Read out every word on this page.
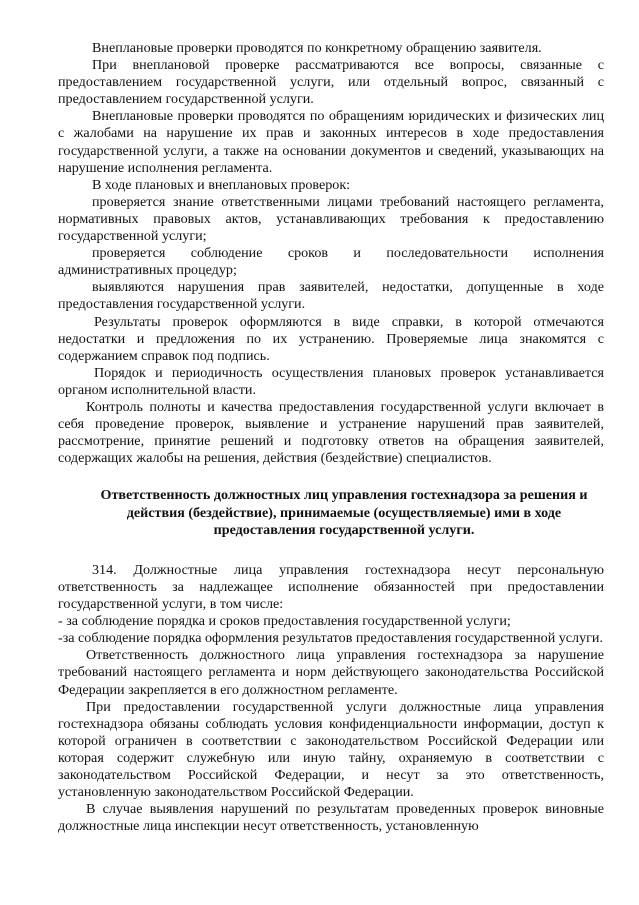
Внеплановые проверки проводятся по конкретному обращению заявителя.

При внеплановой проверке рассматриваются все вопросы, связанные с предоставлением государственной услуги, или отдельный вопрос, связанный с предоставлением государственной услуги.

Внеплановые проверки проводятся по обращениям юридических и физических лиц с жалобами на нарушение их прав и законных интересов в ходе предоставления государственной услуги, а также на основании документов и сведений, указывающих на нарушение исполнения регламента.

В ходе плановых и внеплановых проверок:

проверяется знание ответственными лицами требований настоящего регламента, нормативных правовых актов, устанавливающих требования к предоставлению государственной услуги;

проверяется соблюдение сроков и последовательности исполнения административных процедур;

выявляются нарушения прав заявителей, недостатки, допущенные в ходе предоставления государственной услуги.

Результаты проверок оформляются в виде справки, в которой отмечаются недостатки и предложения по их устранению. Проверяемые лица знакомятся с содержанием справок под подпись.

Порядок и периодичность осуществления плановых проверок устанавливается органом исполнительной власти.

Контроль полноты и качества предоставления государственной услуги включает в себя проведение проверок, выявление и устранение нарушений прав заявителей, рассмотрение, принятие решений и подготовку ответов на обращения заявителей, содержащих жалобы на решения, действия (бездействие) специалистов.

Ответственность должностных лиц управления гостехнадзора за решения и действия (бездействие), принимаемые (осуществляемые) ими в ходе предоставления государственной услуги.

314. Должностные лица управления гостехнадзора несут персональную ответственность за надлежащее исполнение обязанностей при предоставлении государственной услуги, в том числе:

- за соблюдение порядка и сроков предоставления государственной услуги;

-за соблюдение порядка оформления результатов предоставления государственной услуги.

Ответственность должностного лица управления гостехнадзора за нарушение требований настоящего регламента и норм действующего законодательства Российской Федерации закрепляется в его должностном регламенте.

При предоставлении государственной услуги должностные лица управления гостехнадзора обязаны соблюдать условия конфиденциальности информации, доступ к которой ограничен в соответствии с законодательством Российской Федерации или которая содержит служебную или иную тайну, охраняемую в соответствии с законодательством Российской Федерации, и несут за это ответственность, установленную законодательством Российской Федерации.

В случае выявления нарушений по результатам проведенных проверок виновные должностные лица инспекции несут ответственность, установленную
